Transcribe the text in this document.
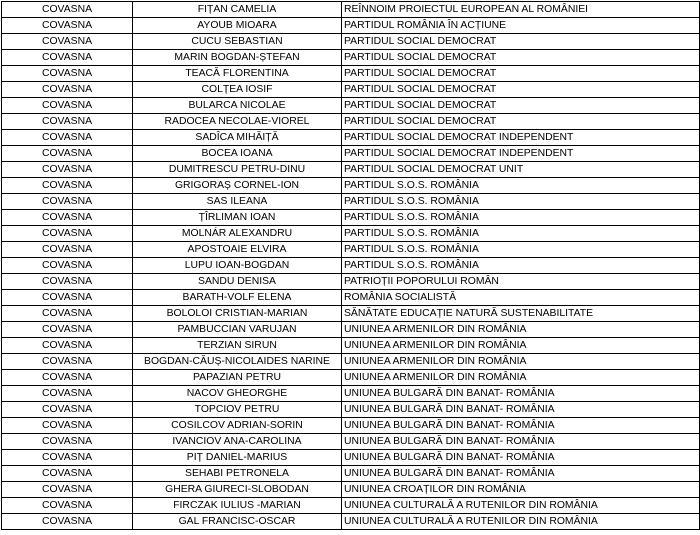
COVASNA	FIȚAN CAMELIA	REÎNNOIM PROIECTUL EUROPEAN AL ROMÂNIEI
COVASNA	AYOUB MIOARA	PARTIDUL ROMÂNIA ÎN ACȚIUNE
COVASNA	CUCU SEBASTIAN	PARTIDUL SOCIAL DEMOCRAT
COVASNA	MARIN BOGDAN-ȘTEFAN	PARTIDUL SOCIAL DEMOCRAT
COVASNA	TEACĂ FLORENTINA	PARTIDUL SOCIAL DEMOCRAT
COVASNA	COLȚEA IOSIF	PARTIDUL SOCIAL DEMOCRAT
COVASNA	BULARCA NICOLAE	PARTIDUL SOCIAL DEMOCRAT
COVASNA	RADOCEA NECOLAE-VIOREL	PARTIDUL SOCIAL DEMOCRAT
COVASNA	SADÎCA MIHĂIȚĂ	PARTIDUL SOCIAL DEMOCRAT INDEPENDENT
COVASNA	BOCEA IOANA	PARTIDUL SOCIAL DEMOCRAT INDEPENDENT
COVASNA	DUMITRESCU PETRU-DINU	PARTIDUL SOCIAL DEMOCRAT UNIT
COVASNA	GRIGORAȘ CORNEL-ION	PARTIDUL S.O.S. ROMÂNIA
COVASNA	SAS ILEANA	PARTIDUL S.O.S. ROMÂNIA
COVASNA	ȚÎRLIMAN IOAN	PARTIDUL S.O.S. ROMÂNIA
COVASNA	MOLNÁR ALEXANDRU	PARTIDUL S.O.S. ROMÂNIA
COVASNA	APOSTOAIE ELVIRA	PARTIDUL S.O.S. ROMÂNIA
COVASNA	LUPU IOAN-BOGDAN	PARTIDUL S.O.S. ROMÂNIA
COVASNA	SANDU DENISA	PATRIOȚII POPORULUI ROMÂN
COVASNA	BARATH-VOLF ELENA	ROMÂNIA SOCIALISTĂ
COVASNA	BOLOLOI CRISTIAN-MARIAN	SĂNĂTATE EDUCAȚIE NATURĂ SUSTENABILITATE
COVASNA	PAMBUCCIAN VARUJAN	UNIUNEA ARMENILOR DIN ROMÂNIA
COVASNA	TERZIAN SIRUN	UNIUNEA ARMENILOR DIN ROMÂNIA
COVASNA	BOGDAN-CĂUȘ-NICOLAIDES NARINE	UNIUNEA ARMENILOR DIN ROMÂNIA
COVASNA	PAPAZIAN PETRU	UNIUNEA ARMENILOR DIN ROMÂNIA
COVASNA	NACOV GHEORGHE	UNIUNEA BULGARĂ DIN BANAT- ROMÂNIA
COVASNA	TOPCIOV PETRU	UNIUNEA BULGARĂ DIN BANAT- ROMÂNIA
COVASNA	COSILCOV ADRIAN-SORIN	UNIUNEA BULGARĂ DIN BANAT- ROMÂNIA
COVASNA	IVANCIOV ANA-CAROLINA	UNIUNEA BULGARĂ DIN BANAT- ROMÂNIA
COVASNA	PIȚ DANIEL-MARIUS	UNIUNEA BULGARĂ DIN BANAT- ROMÂNIA
COVASNA	SEHABI PETRONELA	UNIUNEA BULGARĂ DIN BANAT- ROMÂNIA
COVASNA	GHERA GIURECI-SLOBODAN	UNIUNEA CROAȚILOR DIN ROMÂNIA
COVASNA	FIRCZAK IULIUS -MARIAN	UNIUNEA CULTURALĂ A RUTENILOR DIN ROMÂNIA
COVASNA	GAL FRANCISC-OSCAR	UNIUNEA CULTURALĂ A RUTENILOR DIN ROMÂNIA
